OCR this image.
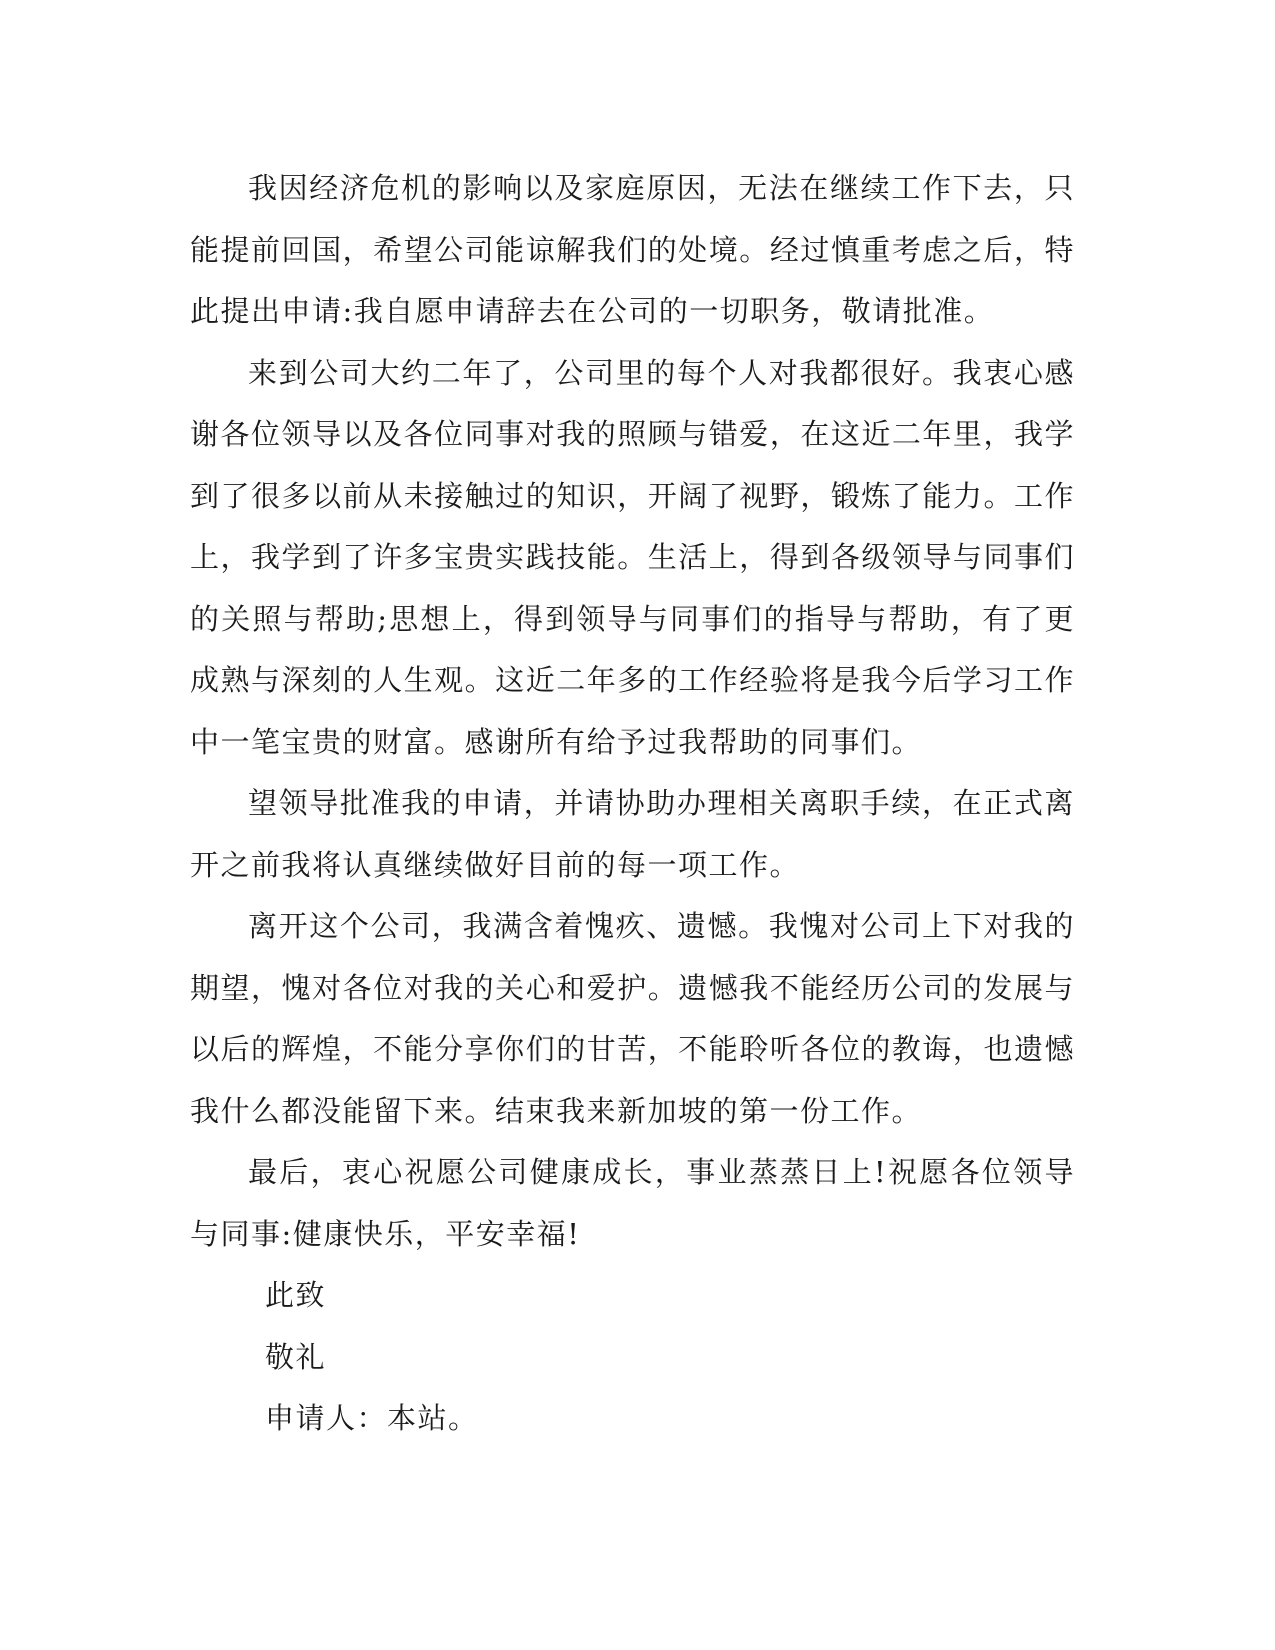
我因经济危机的影响以及家庭原因，无法在继续工作下去，只能提前回国，希望公司能谅解我们的处境。经过慎重考虑之后，特此提出申请:我自愿申请辞去在公司的一切职务，敬请批准。

来到公司大约二年了，公司里的每个人对我都很好。我衷心感谢各位领导以及各位同事对我的照顾与错爱，在这近二年里，我学到了很多以前从未接触过的知识，开阔了视野，锻炼了能力。工作上，我学到了许多宝贵实践技能。生活上，得到各级领导与同事们的关照与帮助;思想上，得到领导与同事们的指导与帮助，有了更成熟与深刻的人生观。这近二年多的工作经验将是我今后学习工作中一笔宝贵的财富。感谢所有给予过我帮助的同事们。

望领导批准我的申请，并请协助办理相关离职手续，在正式离开之前我将认真继续做好目前的每一项工作。

离开这个公司，我满含着愧疚、遗憾。我愧对公司上下对我的期望，愧对各位对我的关心和爱护。遗憾我不能经历公司的发展与以后的辉煌，不能分享你们的甘苦，不能聆听各位的教诲，也遗憾我什么都没能留下来。结束我来新加坡的第一份工作。

最后，衷心祝愿公司健康成长，事业蒸蒸日上!祝愿各位领导与同事:健康快乐，平安幸福!

此致

敬礼

申请人：本站。
